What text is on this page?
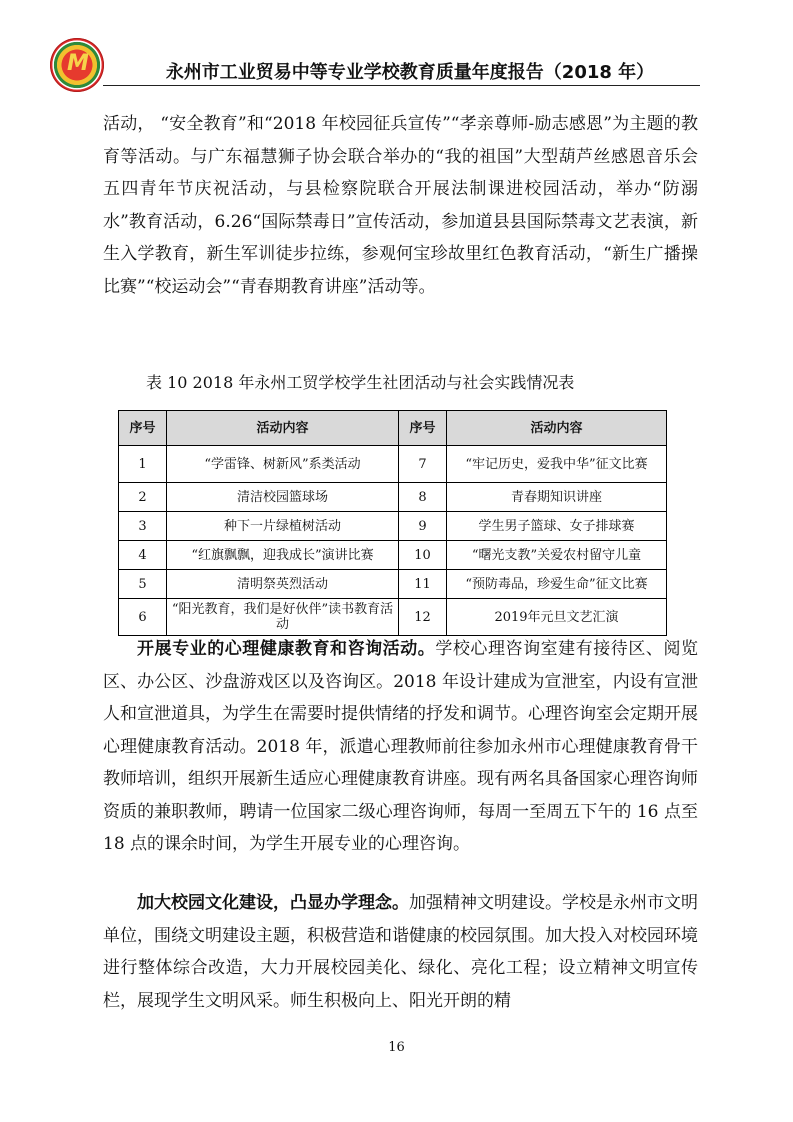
M	永州市工业贸易中等专业学校教育质量年度报告（2018 年）
活动， “安全教育”和“2018 年校园征兵宣传”“孝亲尊师-励志感恩”为主题的教育等活动。与广东福慧狮子协会联合举办的“我的祖国”大型葫芦丝感恩音乐会五四青年节庆祝活动，与县检察院联合开展法制课进校园活动，举办“防溺水”教育活动，6.26“国际禁毒日”宣传活动，参加道县县国际禁毒文艺表演，新生入学教育，新生军训徒步拉练，参观何宝珍故里红色教育活动，“新生广播操比赛”“校运动会”“青春期教育讲座”活动等。
表 10 2018 年永州工贸学校学生社团活动与社会实践情况表
序号	活动内容	序号	活动内容
1	“学雷锋、树新风”系类活动	7	“牢记历史，爱我中华”征文比赛
2	清洁校园篮球场	8	青春期知识讲座
3	种下一片绿植树活动	9	学生男子篮球、女子排球赛
4	“红旗飘飘，迎我成长”演讲比赛	10	“曙光支教”关爱农村留守儿童
5	清明祭英烈活动	11	“预防毒品，珍爱生命”征文比赛
6	“阳光教育，我们是好伙伴”读书教育活动	12	2019年元旦文艺汇演
开展专业的心理健康教育和咨询活动。学校心理咨询室建有接待区、阅览区、办公区、沙盘游戏区以及咨询区。2018 年设计建成为宣泄室，内设有宣泄人和宣泄道具，为学生在需要时提供情绪的抒发和调节。心理咨询室会定期开展心理健康教育活动。2018 年，派遣心理教师前往参加永州市心理健康教育骨干教师培训，组织开展新生适应心理健康教育讲座。现有两名具备国家心理咨询师资质的兼职教师，聘请一位国家二级心理咨询师，每周一至周五下午的 16 点至 18 点的课余时间，为学生开展专业的心理咨询。
加大校园文化建设，凸显办学理念。加强精神文明建设。学校是永州市文明单位，围绕文明建设主题，积极营造和谐健康的校园氛围。加大投入对校园环境进行整体综合改造，大力开展校园美化、绿化、亮化工程；设立精神文明宣传栏，展现学生文明风采。师生积极向上、阳光开朗的精
16
